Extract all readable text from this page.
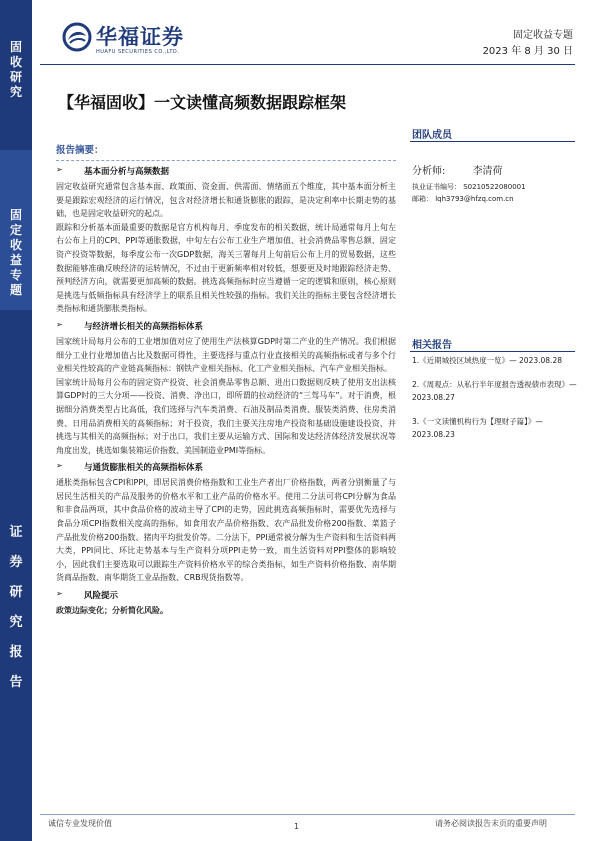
固
收
研
究
固
定
收
益
专
题
证
券
研
究
报
告
华福证券
HUAFU SECURITIES CO.,LTD.
固定收益专题
2023 年 8 月 30 日
【华福固收】一文读懂高频数据跟踪框架
团队成员
报告摘要：
➢ 基本面分析与高频数据

固定收益研究通常包含基本面、政策面、资金面、供需面、情绪面五个维度，其中基本面分析主要是跟踪宏观经济的运行情况，包含对经济增长和通货膨胀的跟踪，是决定利率中长期走势的基础，也是固定收益研究的起点。

跟踪和分析基本面最重要的数据是官方机构每月、季度发布的相关数据，统计局通常每月上旬左右公布上月的CPI、PPI等通胀数据，中旬左右公布工业生产增加值、社会消费品零售总额、固定资产投资等数据，每季度公布一次GDP数据，海关三署每月上旬前后公布上月的贸易数据，这些数据能够准确反映经济的运转情况，不过由于更新频率相对较低，想要更及时地跟踪经济走势、预判经济方向，就需要更加高频的数据。挑选高频指标时应当遵循一定的逻辑和原则，核心原则是挑选与低频指标具有经济学上的联系且相关性较强的指标。我们关注的指标主要包含经济增长类指标和通货膨胀类指标。

➢ 与经济增长相关的高频指标体系

国家统计局每月公布的工业增加值对应了使用生产法核算GDP时第二产业的生产情况。我们根据细分工业行业增加值占比及数据可得性，主要选择与重点行业直接相关的高频指标或者与多个行业相关性较高的产业链高频指标：钢铁产业相关指标、化工产业相关指标、汽车产业相关指标。

国家统计局每月公布的固定资产投资、社会消费品零售总额、进出口数据则反映了使用支出法核算GDP时的三大分项——投资、消费、净出口，即所谓的拉动经济的“三驾马车”。对于消费，根据细分消费类型占比高低，我们选择与汽车类消费、石油及制品类消费、服装类消费、住房类消费、日用品消费相关的高频指标；对于投资，我们主要关注房地产投资和基础设施建设投资，并挑选与其相关的高频指标；对于出口，我们主要从运输方式、国际和发达经济体经济发展状况等角度出发，挑选如集装箱运价指数、美国制造业PMI等指标。

➢ 与通货膨胀相关的高频指标体系

通胀类指标包含CPI和PPI，即居民消费价格指数和工业生产者出厂价格指数，两者分别衡量了与居民生活相关的产品及服务的价格水平和工业产品的价格水平。使用二分法可将CPI分解为食品和非食品两项，其中食品价格的波动主导了CPI的走势，因此挑选高频指标时，需要优先选择与食品分项CPI指数相关度高的指标，如食用农产品价格指数、农产品批发价格200指数、菜篮子产品批发价格200指数、猪肉平均批发价等。二分法下，PPI通常被分解为生产资料和生活资料两大类，PPI同比、环比走势基本与生产资料分项PPI走势一致，而生活资料对PPI整体的影响较小，因此我们主要选取可以跟踪生产资料价格水平的综合类指标，如生产资料价格指数、南华期货商品指数、南华期货工业品指数、CRB现货指数等。

➢ 风险提示

政策边际变化；分析简化风险。

分析师:	李清荷
执业证书编号： S0210522080001
邮箱： lqh3793@hfzq.com.cn
相关报告
1.《近期城投区域热度一览》— 2023.08.28
2.《周观点：从私行半年度报告透视债市表现》— 2023.08.27
3.《一文读懂机构行为【理财子篇】》— 2023.08.23
诚信专业发现价值	1	请务必阅读报告末页的重要声明
